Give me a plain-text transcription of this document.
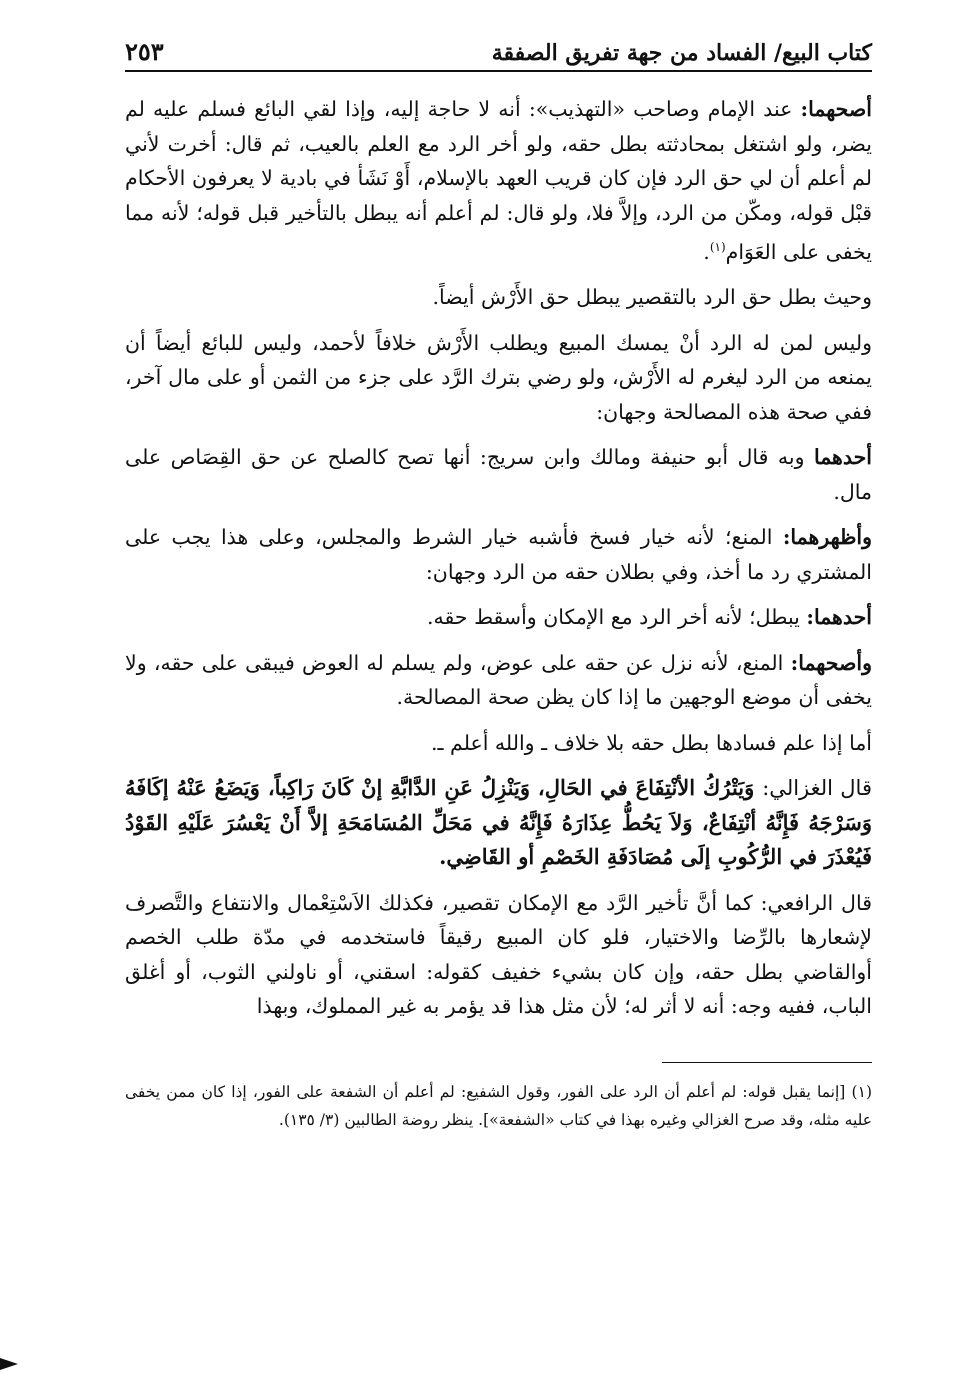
كتاب البيع/ الفساد من جهة تفريق الصفقة
٢٥٣

أصحهما: عند الإمام وصاحب «التهذيب»: أنه لا حاجة إليه، وإذا لقي البائع فسلم عليه لم يضر، ولو اشتغل بمحادثته بطل حقه، ولو أخر الرد مع العلم بالعيب، ثم قال: أخرت لأني لم أعلم أن لي حق الرد فإن كان قريب العهد بالإسلام، أَوْ نَشَأ في بادية لا يعرفون الأحكام قبْل قوله، ومكّن من الرد، وإلاَّ فلا، ولو قال: لم أعلم أنه يبطل بالتأخير قبل قوله؛ لأنه مما يخفى على العَوَام$^{(١)}$.

وحيث بطل حق الرد بالتقصير يبطل حق الأَرْش أيضاً.

وليس لمن له الرد أنْ يمسك المبيع ويطلب الأَرْش خلافاً لأحمد، وليس للبائع أيضاً أن يمنعه من الرد ليغرم له الأَرْش، ولو رضي بترك الرَّد على جزء من الثمن أو على مال آخر، ففي صحة هذه المصالحة وجهان:

أحدهما وبه قال أبو حنيفة ومالك وابن سريج: أنها تصح كالصلح عن حق القِصَاص على مال.

وأظهرهما: المنع؛ لأنه خيار فسخ فأشبه خيار الشرط والمجلس، وعلى هذا يجب على المشتري رد ما أخذ، وفي بطلان حقه من الرد وجهان:

أحدهما: يبطل؛ لأنه أخر الرد مع الإمكان وأسقط حقه.

وأصحهما: المنع، لأنه نزل عن حقه على عوض، ولم يسلم له العوض فيبقى على حقه، ولا يخفى أن موضع الوجهين ما إذا كان يظن صحة المصالحة.

أما إذا علم فسادها بطل حقه بلا خلاف ـ والله أعلم ـ.

قال الغزالي: وَيَتْرُكُ الأنْتِفَاعَ في الحَالِ، وَيَنْزِلُ عَنِ الدَّابَّةِ إنْ كَانَ رَاكِباً، وَيَضَعُ عَنْهُ إكَافَهُ وَسَرْجَهُ فَإِنَّهُ أنْتِفَاعٌ، وَلاَ يَحُطُّ عِذَارَهُ فَإِنَّهُ في مَحَلِّ المُسَامَحَةِ إلاَّ أَنْ يَعْسُرَ عَلَيْهِ القَوْدُ فَيُعْذَرَ في الرُّكُوبِ إلَى مُصَادَفَةِ الخَصْمِ أو القَاضِي.

قال الرافعي: كما أنَّ تأخير الرَّد مع الإمكان تقصير، فكذلك الاَسْتِعْمال والانتفاع والتَّصرف لإشعارها بالرِّضا والاختيار، فلو كان المبيع رقيقاً فاستخدمه في مدّة طلب الخصم أوالقاضي بطل حقه، وإن كان بشيء خفيف كقوله: اسقني، أو ناولني الثوب، أو أغلق الباب، ففيه وجه: أنه لا أثر له؛ لأن مثل هذا قد يؤمر به غير المملوك، وبهذا

(١) [إنما يقبل قوله: لم أعلم أن الرد على الفور، وقول الشفيع: لم أعلم أن الشفعة على الفور، إذا كان ممن يخفى عليه مثله، وقد صرح الغزالي وغيره بهذا في كتاب «الشفعة»]. ينظر روضة الطالبين (٣/ ١٣٥).
